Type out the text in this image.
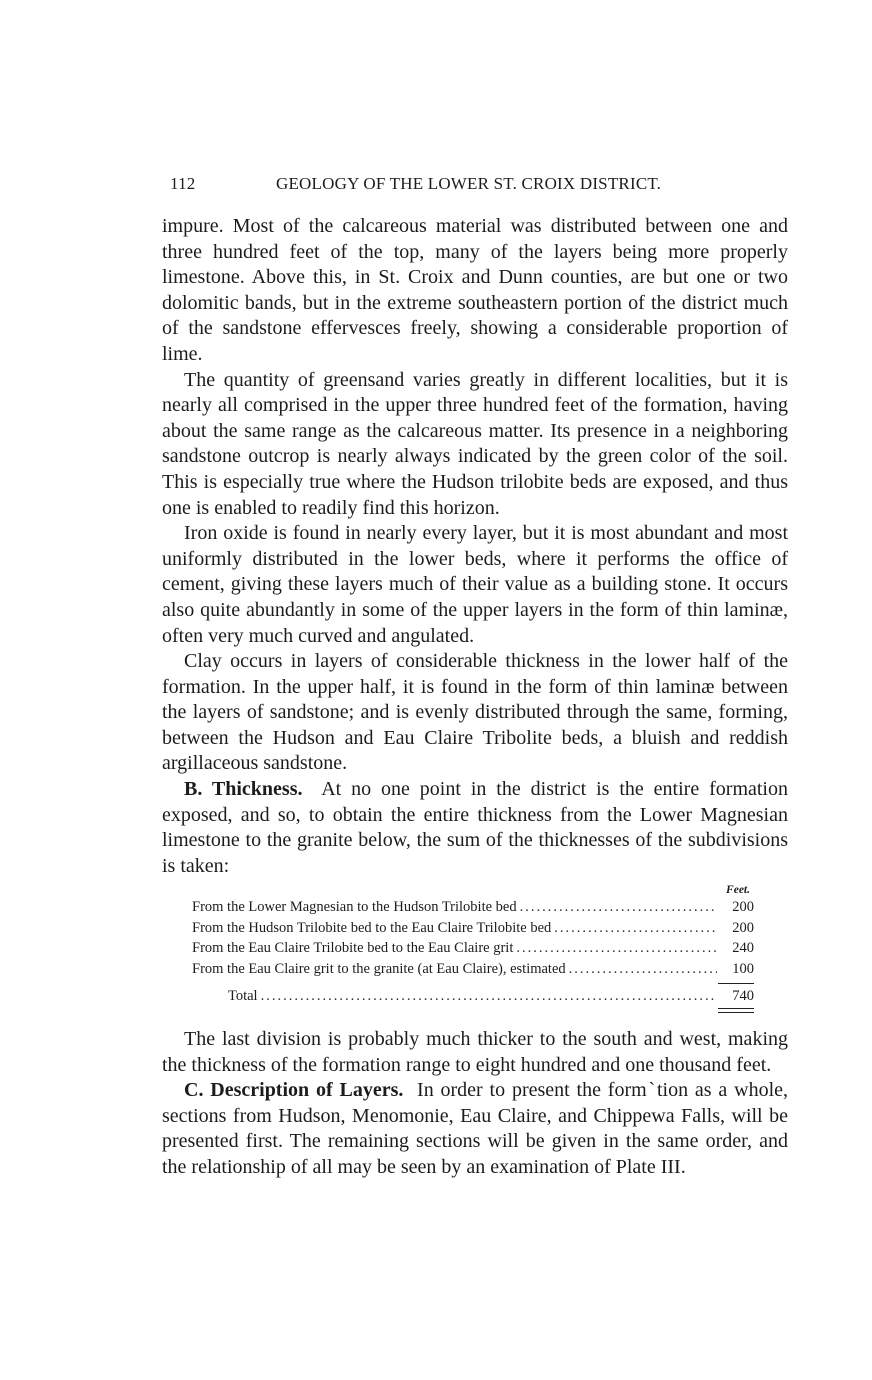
112	GEOLOGY OF THE LOWER ST. CROIX DISTRICT.

impure. Most of the calcareous material was distributed between one and three hundred feet of the top, many of the layers being more properly limestone. Above this, in St. Croix and Dunn counties, are but one or two dolomitic bands, but in the extreme southeastern portion of the district much of the sandstone effervesces freely, showing a considerable proportion of lime.

The quantity of greensand varies greatly in different localities, but it is nearly all comprised in the upper three hundred feet of the formation, having about the same range as the calcareous matter. Its presence in a neighboring sandstone outcrop is nearly always indicated by the green color of the soil. This is especially true where the Hudson trilobite beds are exposed, and thus one is enabled to readily find this horizon.

Iron oxide is found in nearly every layer, but it is most abundant and most uniformly distributed in the lower beds, where it performs the office of cement, giving these layers much of their value as a building stone. It occurs also quite abundantly in some of the upper layers in the form of thin laminæ, often very much curved and angulated.

Clay occurs in layers of considerable thickness in the lower half of the formation. In the upper half, it is found in the form of thin laminæ between the layers of sandstone; and is evenly distributed through the same, forming, between the Hudson and Eau Claire Tribolite beds, a bluish and reddish argillaceous sandstone.

B. Thickness. At no one point in the district is the entire formation exposed, and so, to obtain the entire thickness from the Lower Magnesian limestone to the granite below, the sum of the thicknesses of the subdivisions is taken:

Feet.
From the Lower Magnesian to the Hudson Trilobite bed .....	200
From the Hudson Trilobite bed to the Eau Claire Trilobite bed .....	200
From the Eau Claire Trilobite bed to the Eau Claire grit .....	240
From the Eau Claire grit to the granite (at Eau Claire), estimated .....	100
Total .....	740

The last division is probably much thicker to the south and west, making the thickness of the formation range to eight hundred and one thousand feet.

C. Description of Layers. In order to present the formˋtion as a whole, sections from Hudson, Menomonie, Eau Claire, and Chippewa Falls, will be presented first. The remaining sections will be given in the same order, and the relationship of all may be seen by an examination of Plate III.
